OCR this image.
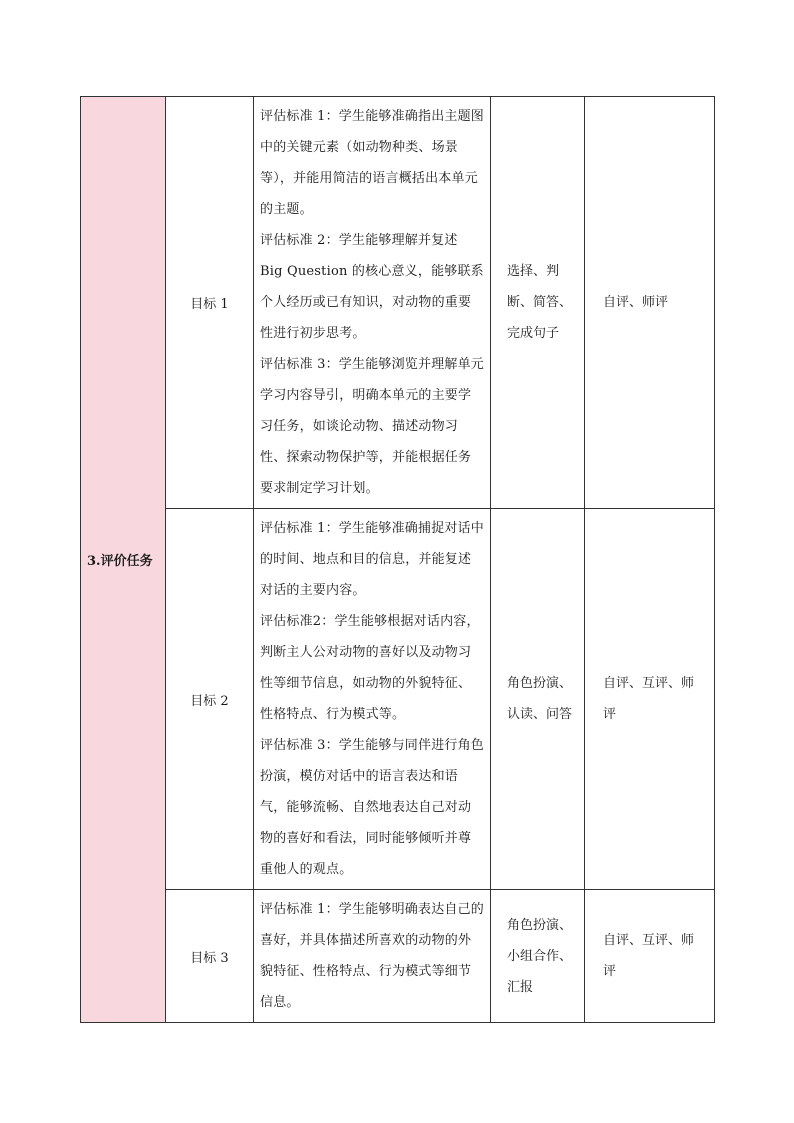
3.评价任务	目标 1	评估标准 1：学生能够准确指出主题图中的关键元素（如动物种类、场景等），并能用简洁的语言概括出本单元的主题。

评估标准 2：学生能够理解并复述 Big Question 的核心意义，能够联系个人经历或已有知识，对动物的重要性进行初步思考。

评估标准 3：学生能够浏览并理解单元学习内容导引，明确本单元的主要学习任务，如谈论动物、描述动物习性、探索动物保护等，并能根据任务要求制定学习计划。	选择、判断、简答、完成句子	自评、师评
	目标 2	评估标准 1：学生能够准确捕捉对话中的时间、地点和目的信息，并能复述对话的主要内容。

评估标准2：学生能够根据对话内容，判断主人公对动物的喜好以及动物习性等细节信息，如动物的外貌特征、性格特点、行为模式等。

评估标准 3：学生能够与同伴进行角色扮演，模仿对话中的语言表达和语气，能够流畅、自然地表达自己对动物的喜好和看法，同时能够倾听并尊重他人的观点。	角色扮演、认读、问答	自评、互评、师评
	目标 3	评估标准 1：学生能够明确表达自己的喜好，并具体描述所喜欢的动物的外貌特征、性格特点、行为模式等细节信息。	角色扮演、小组合作、汇报	自评、互评、师评
